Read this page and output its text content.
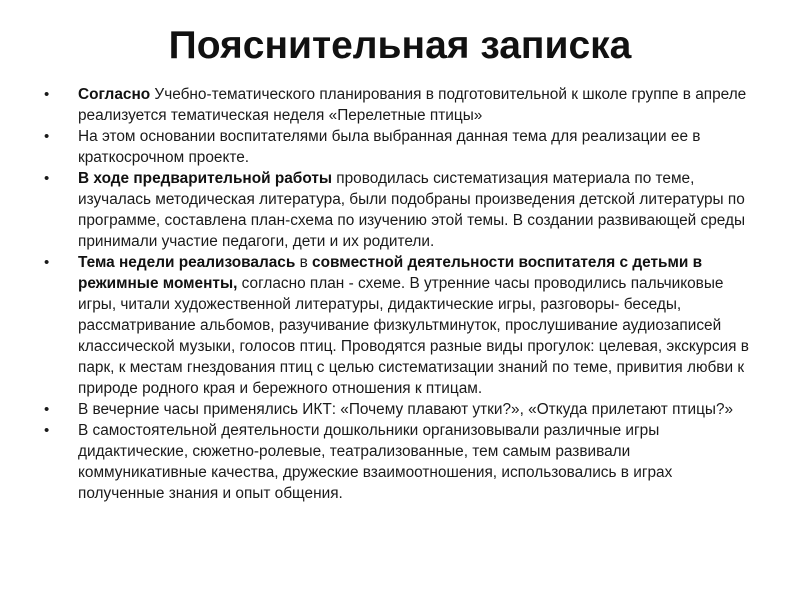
Пояснительная записка
•	Согласно Учебно-тематического планирования в подготовительной к школе группе в апреле реализуется тематическая неделя «Перелетные птицы»
•	На этом основании воспитателями была выбранная данная тема для реализации ее в краткосрочном проекте.
•	В ходе предварительной работы проводилась систематизация материала по теме, изучалась методическая литература, были подобраны произведения детской литературы по программе, составлена план-схема по изучению этой темы. В создании развивающей среды принимали участие педагоги, дети и их родители.
•	Тема недели реализовалась в совместной деятельности воспитателя с детьми в режимные моменты, согласно план - схеме. В утренние часы проводились пальчиковые игры, читали художественной литературы, дидактические игры, разговоры- беседы, рассматривание альбомов, разучивание физкультминуток, прослушивание аудиозаписей классической музыки, голосов птиц. Проводятся разные виды прогулок: целевая, экскурсия в парк, к местам гнездования птиц с целью систематизации знаний по теме, привития любви к природе родного края и бережного отношения к птицам.
•	В вечерние часы применялись ИКТ: «Почему плавают утки?», «Откуда прилетают птицы?»
•	В самостоятельной деятельности дошкольники организовывали различные игры дидактические, сюжетно-ролевые, театрализованные, тем самым развивали коммуникативные качества, дружеские взаимоотношения, использовались в играх полученные знания и опыт общения.
